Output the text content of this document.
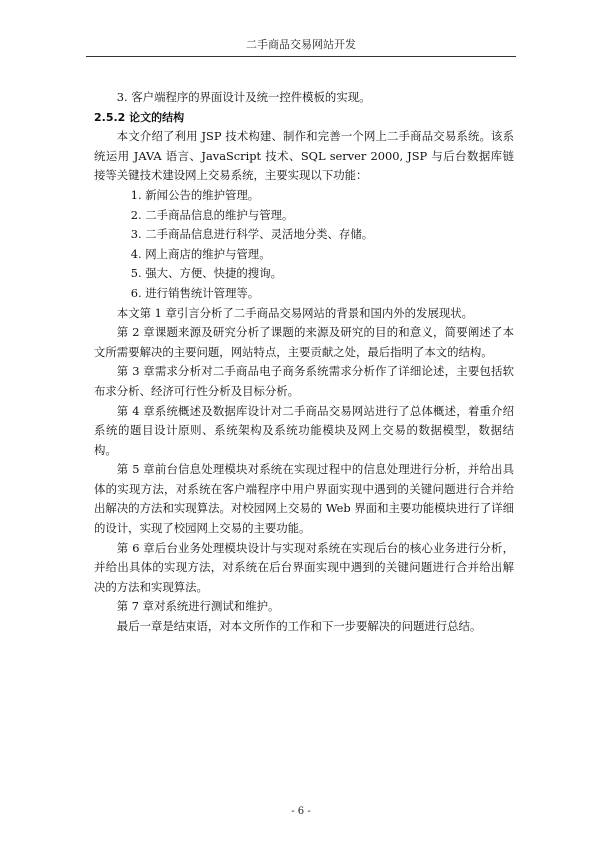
二手商品交易网站开发

3. 客户端程序的界面设计及统一控件模板的实现。

2.5.2 论文的结构

本文介绍了利用 JSP 技术构建、制作和完善一个网上二手商品交易系统。该系统运用 JAVA 语言、JavaScript 技术、SQL server 2000, JSP 与后台数据库链接等关键技术建设网上交易系统，主要实现以下功能：

1. 新闻公告的维护管理。

2. 二手商品信息的维护与管理。

3. 二手商品信息进行科学、灵活地分类、存储。

4. 网上商店的维护与管理。

5. 强大、方便、快捷的搜询。

6. 进行销售统计管理等。

本文第 1 章引言分析了二手商品交易网站的背景和国内外的发展现状。

第 2 章课题来源及研究分析了课题的来源及研究的目的和意义，简要阐述了本文所需要解决的主要问题，网站特点，主要贡献之处，最后指明了本文的结构。

第 3 章需求分析对二手商品电子商务系统需求分析作了详细论述，主要包括软布求分析、经济可行性分析及目标分析。

第 4 章系统概述及数据库设计对二手商品交易网站进行了总体概述，着重介绍系统的题目设计原则、系统架构及系统功能模块及网上交易的数据模型，数据结构。

第 5 章前台信息处理模块对系统在实现过程中的信息处理进行分析，并给出具体的实现方法，对系统在客户端程序中用户界面实现中遇到的关键问题进行合并给出解决的方法和实现算法。对校园网上交易的 Web 界面和主要功能模块进行了详细的设计，实现了校园网上交易的主要功能。

第 6 章后台业务处理模块设计与实现对系统在实现后台的核心业务进行分析，并给出具体的实现方法，对系统在后台界面实现中遇到的关键问题进行合并给出解决的方法和实现算法。

第 7 章对系统进行测试和维护。

最后一章是结束语，对本文所作的工作和下一步要解决的问题进行总结。

- 6 -
